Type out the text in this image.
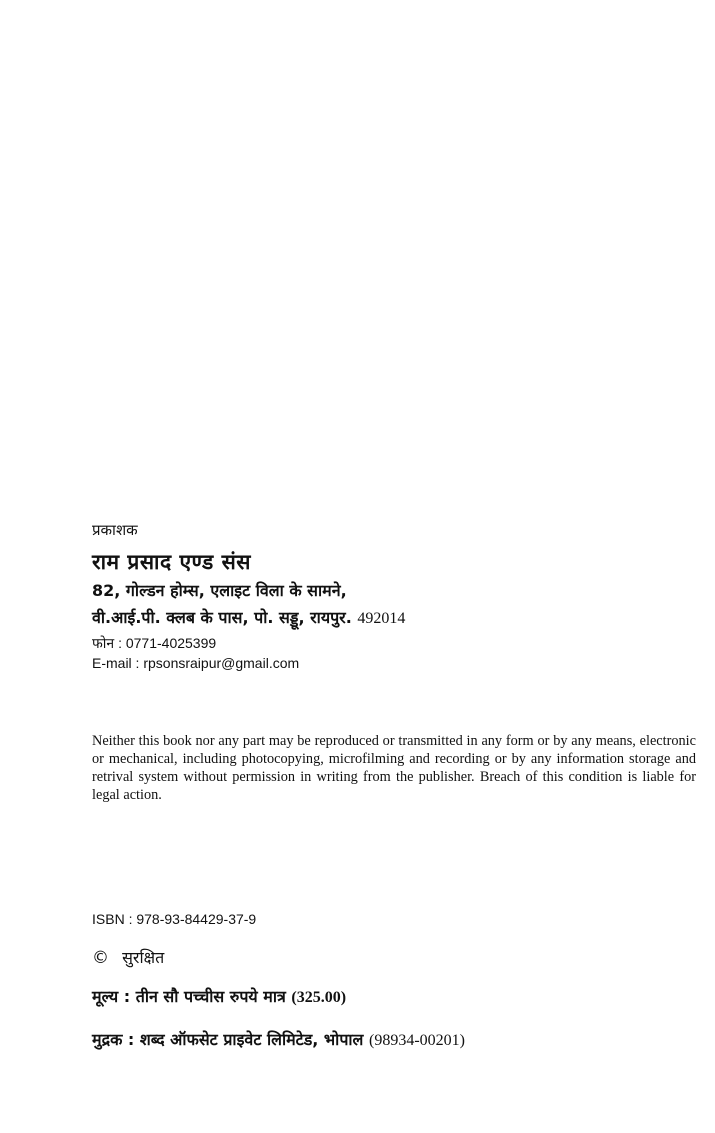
प्रकाशक
राम प्रसाद एण्ड संस
82, गोल्डन होम्स, एलाइट विला के सामने,
वी.आई.पी. क्लब के पास, पो. सड्डू, रायपुर. 492014
फोन : 0771-4025399
E-mail : rpsonsraipur@gmail.com
Neither this book nor any part may be reproduced or transmitted in any form or by any means, electronic or mechanical, including photocopying, microfilming and recording or by any information storage and retrival system without permission in writing from the publisher. Breach of this condition is liable for legal action.
ISBN : 978-93-84429-37-9
© सुरक्षित
मूल्य : तीन सौ पच्चीस रुपये मात्र (325.00)
मुद्रक : शब्द ऑफसेट प्राइवेट लिमिटेड, भोपाल (98934-00201)
